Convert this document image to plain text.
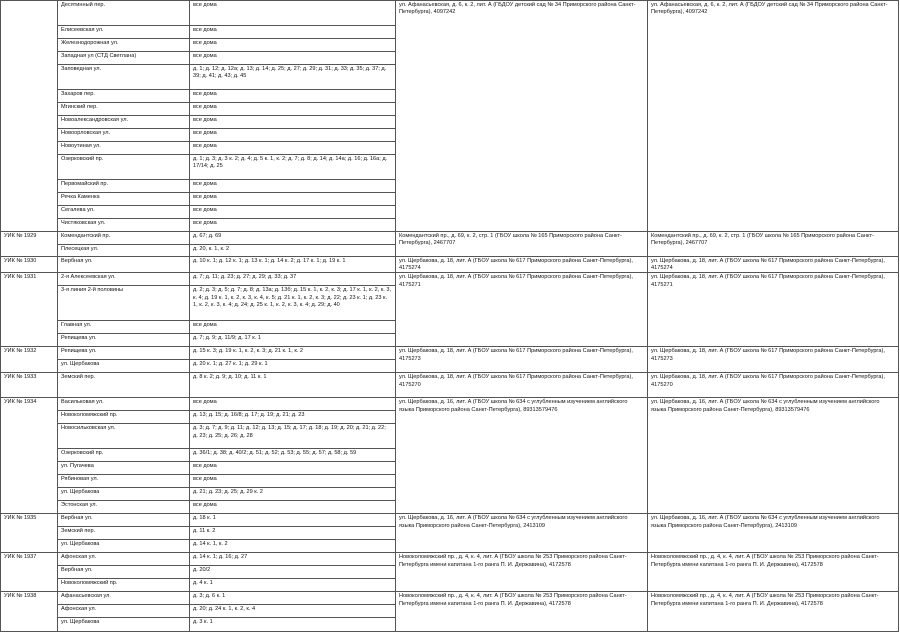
	Десятинный пер.	все дома	ул. Афанасьевская, д. 6, к. 2, лит. А (ГБДОУ детский сад № 34 Приморского района Санкт-Петербурга), 4097242	ул. Афанасьевская, д. 6, к. 2, лит. А (ГБДОУ детский сад № 34 Приморского района Санкт-Петербурга), 4097242
	Елисеевская ул.	все дома		
	Железнодорожная ул.	все дома		
	Западная ул (СТД Светлана)	все дома		
	Заповедная ул.	д. 1; д. 12; д. 12а; д. 13; д. 14; д. 25; д. 27; д. 29; д. 31; д. 33; д. 35; д. 37; д. 39; д. 41; д. 43; д. 45		
	Захаров пер.	все дома		
	Мгинский пер.	все дома		
	Новоалександровская ул.	все дома		
	Новоорловская ул.	все дома		
	Новоутиная ул.	все дома		
	Озерковский пр.	д. 1; д. 3; д. 3 к. 2; д. 4; д. 5 к. 1, к. 2; д. 7; д. 8; д. 14; д. 14а; д. 16; д. 16а; д. 17/14; д. 25		
	Первомайский пр.	все дома		
	Речка Каменка	все дома		
	Сегалева ул.	все дома		
	Чистяковская ул.	все дома		
УИК № 1929	Комендантский пр.	д. 67; д. 69	Комендантский пр., д. 69, к. 2, стр. 1 (ГБОУ школа № 165 Приморского района Санкт-Петербурга), 2467707	Комендантский пр., д. 69, к. 2, стр. 1 (ГБОУ школа № 165 Приморского района Санкт-Петербурга), 2467707
	Плесецкая ул.	д. 20, к. 1, к. 2		
УИК № 1930	Вербная ул.	д. 10 к. 1; д. 12 к. 1; д. 13 к. 1; д. 14 к. 2; д. 17 к. 1; д. 19 к. 1	ул. Щербакова, д. 18, лит. А (ГБОУ школа № 617 Приморского района Санкт-Петербурга), 4175274	ул. Щербакова, д. 18, лит. А (ГБОУ школа № 617 Приморского района Санкт-Петербурга), 4175274
УИК № 1931	2-я Алексеевская ул.	д. 7; д. 11; д. 23; д. 27; д. 29; д. 33; д. 37	ул. Щербакова, д. 18, лит. А (ГБОУ школа № 617 Приморского района Санкт-Петербурга), 4175271	ул. Щербакова, д. 18, лит. А (ГБОУ школа № 617 Приморского района Санкт-Петербурга), 4175271
	3-я линия 2-й половины	д. 2; д. 3; д. 5; д. 7; д. 8; д. 13а; д. 13б; д. 15 к. 1, к. 2, к. 3; д. 17 к. 1, к. 2, к. 3, к. 4; д. 19 к. 1, к. 2, к. 3, к. 4, к. 5; д. 21 к. 1, к. 2, к. 3; д. 22; д. 23 к. 1; д. 23 к. 1, к. 2, к. 3, к. 4; д. 24; д. 25 к. 1, к. 2, к. 3, к. 4; д. 29; д. 40		
	Главная ул.	все дома		
	Репищева ул.	д. 7; д. 9; д. 11/9; д. 17 к. 1		
УИК № 1932	Репищева ул.	д. 15 к. 3; д. 19 к. 1, к. 2, к. 3; д. 21 к. 1, к. 2	ул. Щербакова, д. 18, лит. А (ГБОУ школа № 617 Приморского района Санкт-Петербурга), 4175273	ул. Щербакова, д. 18, лит. А (ГБОУ школа № 617 Приморского района Санкт-Петербурга), 4175273
	ул. Щербакова	д. 20 к. 1; д. 27 к. 1; д. 29 к. 1		
УИК № 1933	Земский пер.	д. 8 к. 2; д. 9; д. 10; д. 11 к. 1	ул. Щербакова, д. 18, лит. А (ГБОУ школа № 617 Приморского района Санкт-Петербурга), 4175270	ул. Щербакова, д. 18, лит. А (ГБОУ школа № 617 Приморского района Санкт-Петербурга), 4175270
УИК № 1934	Васильковая ул.	все дома	ул. Щербакова, д. 16, лит. А (ГБОУ школа № 634 с углубленным изучением английского языка Приморского района Санкт-Петербурга), 89313579476	ул. Щербакова, д. 16, лит. А (ГБОУ школа № 634 с углубленным изучением английского языка Приморского района Санкт-Петербурга), 89313579476
	Новоколомяжский пр.	д. 13; д. 15; д. 16/8; д. 17; д. 19; д. 21; д. 23		
	Новосильковская ул.	д. 3; д. 7; д. 9; д. 11; д. 12; д. 13; д. 15; д. 17; д. 18; д. 19; д. 20; д. 21; д. 22; д. 23; д. 25; д. 26; д. 28		
	Озерковский пр.	д. 36/1; д. 38; д. 40/2; д. 51; д. 52; д. 53; д. 55; д. 57; д. 58; д. 59		
	ул. Пугачева	все дома		
	Рябиновая ул.	все дома		
	ул. Щербакова	д. 21; д. 23; д. 25; д. 29 к. 2		
	Эстонская ул.	все дома		
УИК № 1935	Вербная ул.	д. 18 к. 1	ул. Щербакова, д. 16, лит. А (ГБОУ школа № 634 с углубленным изучением английского языка Приморского района Санкт-Петербурга), 2413109	ул. Щербакова, д. 16, лит. А (ГБОУ школа № 634 с углубленным изучением английского языка Приморского района Санкт-Петербурга), 2413109
	Земский пер.	д. 11 к. 2		
	ул. Щербакова	д. 14 к. 1, к. 2		
УИК № 1937	Афонская ул.	д. 14 к. 1; д. 16; д. 27	Новоколомяжский пр., д. 4, к. 4, лит. А (ГБОУ школа № 253 Приморского района Санкт-Петербурга имени капитана 1-го ранга П. И. Державина), 4172578	Новоколомяжский пр., д. 4, к. 4, лит. А (ГБОУ школа № 253 Приморского района Санкт-Петербурга имени капитана 1-го ранга П. И. Державина), 4172578
	Вербная ул.	д. 20/2		
	Новоколомяжский пр.	д. 4 к. 1		
УИК № 1938	Афанасьевская ул.	д. 3; д. 6 к. 1	Новоколомяжский пр., д. 4, к. 4, лит. А (ГБОУ школа № 253 Приморского района Санкт-Петербурга имени капитана 1-го ранга П. И. Державина), 4172578	Новоколомяжский пр., д. 4, к. 4, лит. А (ГБОУ школа № 253 Приморского района Санкт-Петербурга имени капитана 1-го ранга П. И. Державина), 4172578
	Афонская ул.	д. 20; д. 24 к. 1, к. 2, к. 4		
	ул. Щербакова	д. 3 к. 1		
